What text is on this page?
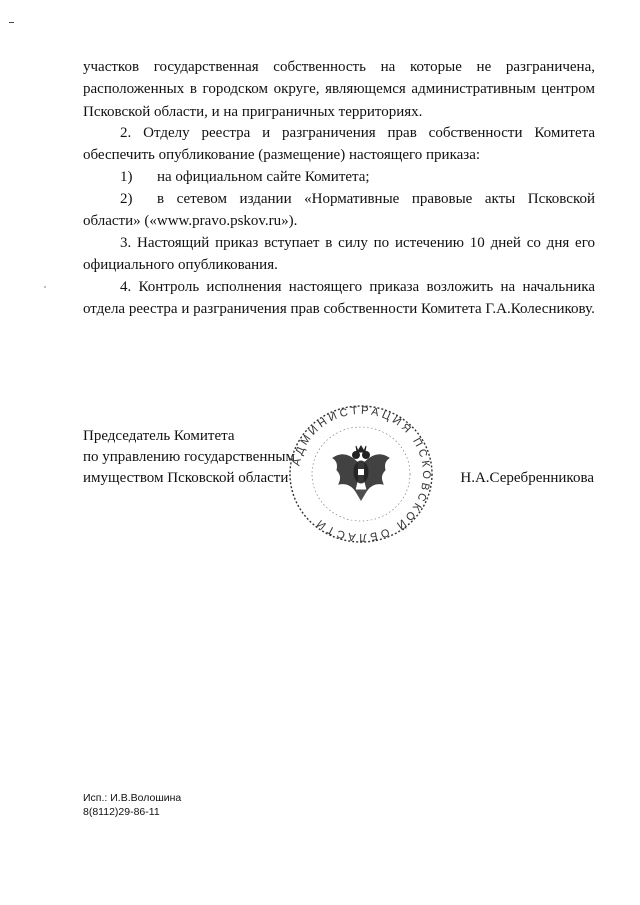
участков государственная собственность на которые не разграничена, расположенных в городском округе, являющемся административным центром Псковской области, и на приграничных территориях.
2. Отделу реестра и разграничения прав собственности Комитета обеспечить опубликование (размещение) настоящего приказа:
1) на официальном сайте Комитета;
2) в сетевом издании «Нормативные правовые акты Псковской
области» («www.pravo.pskov.ru»).
3. Настоящий приказ вступает в силу по истечению 10 дней со дня его официального опубликования.
4. Контроль исполнения настоящего приказа возложить на начальника отдела реестра и разграничения прав собственности Комитета Г.А.Колесникову.
Председатель Комитета
по управлению государственным
имуществом Псковской области
АДМИНИСТРАЦИЯ ПСКОВСКОЙ ОБЛАСТИ
Н.А.Серебренникова
Исп.: И.В.Волошина
8(8112)29-86-11
